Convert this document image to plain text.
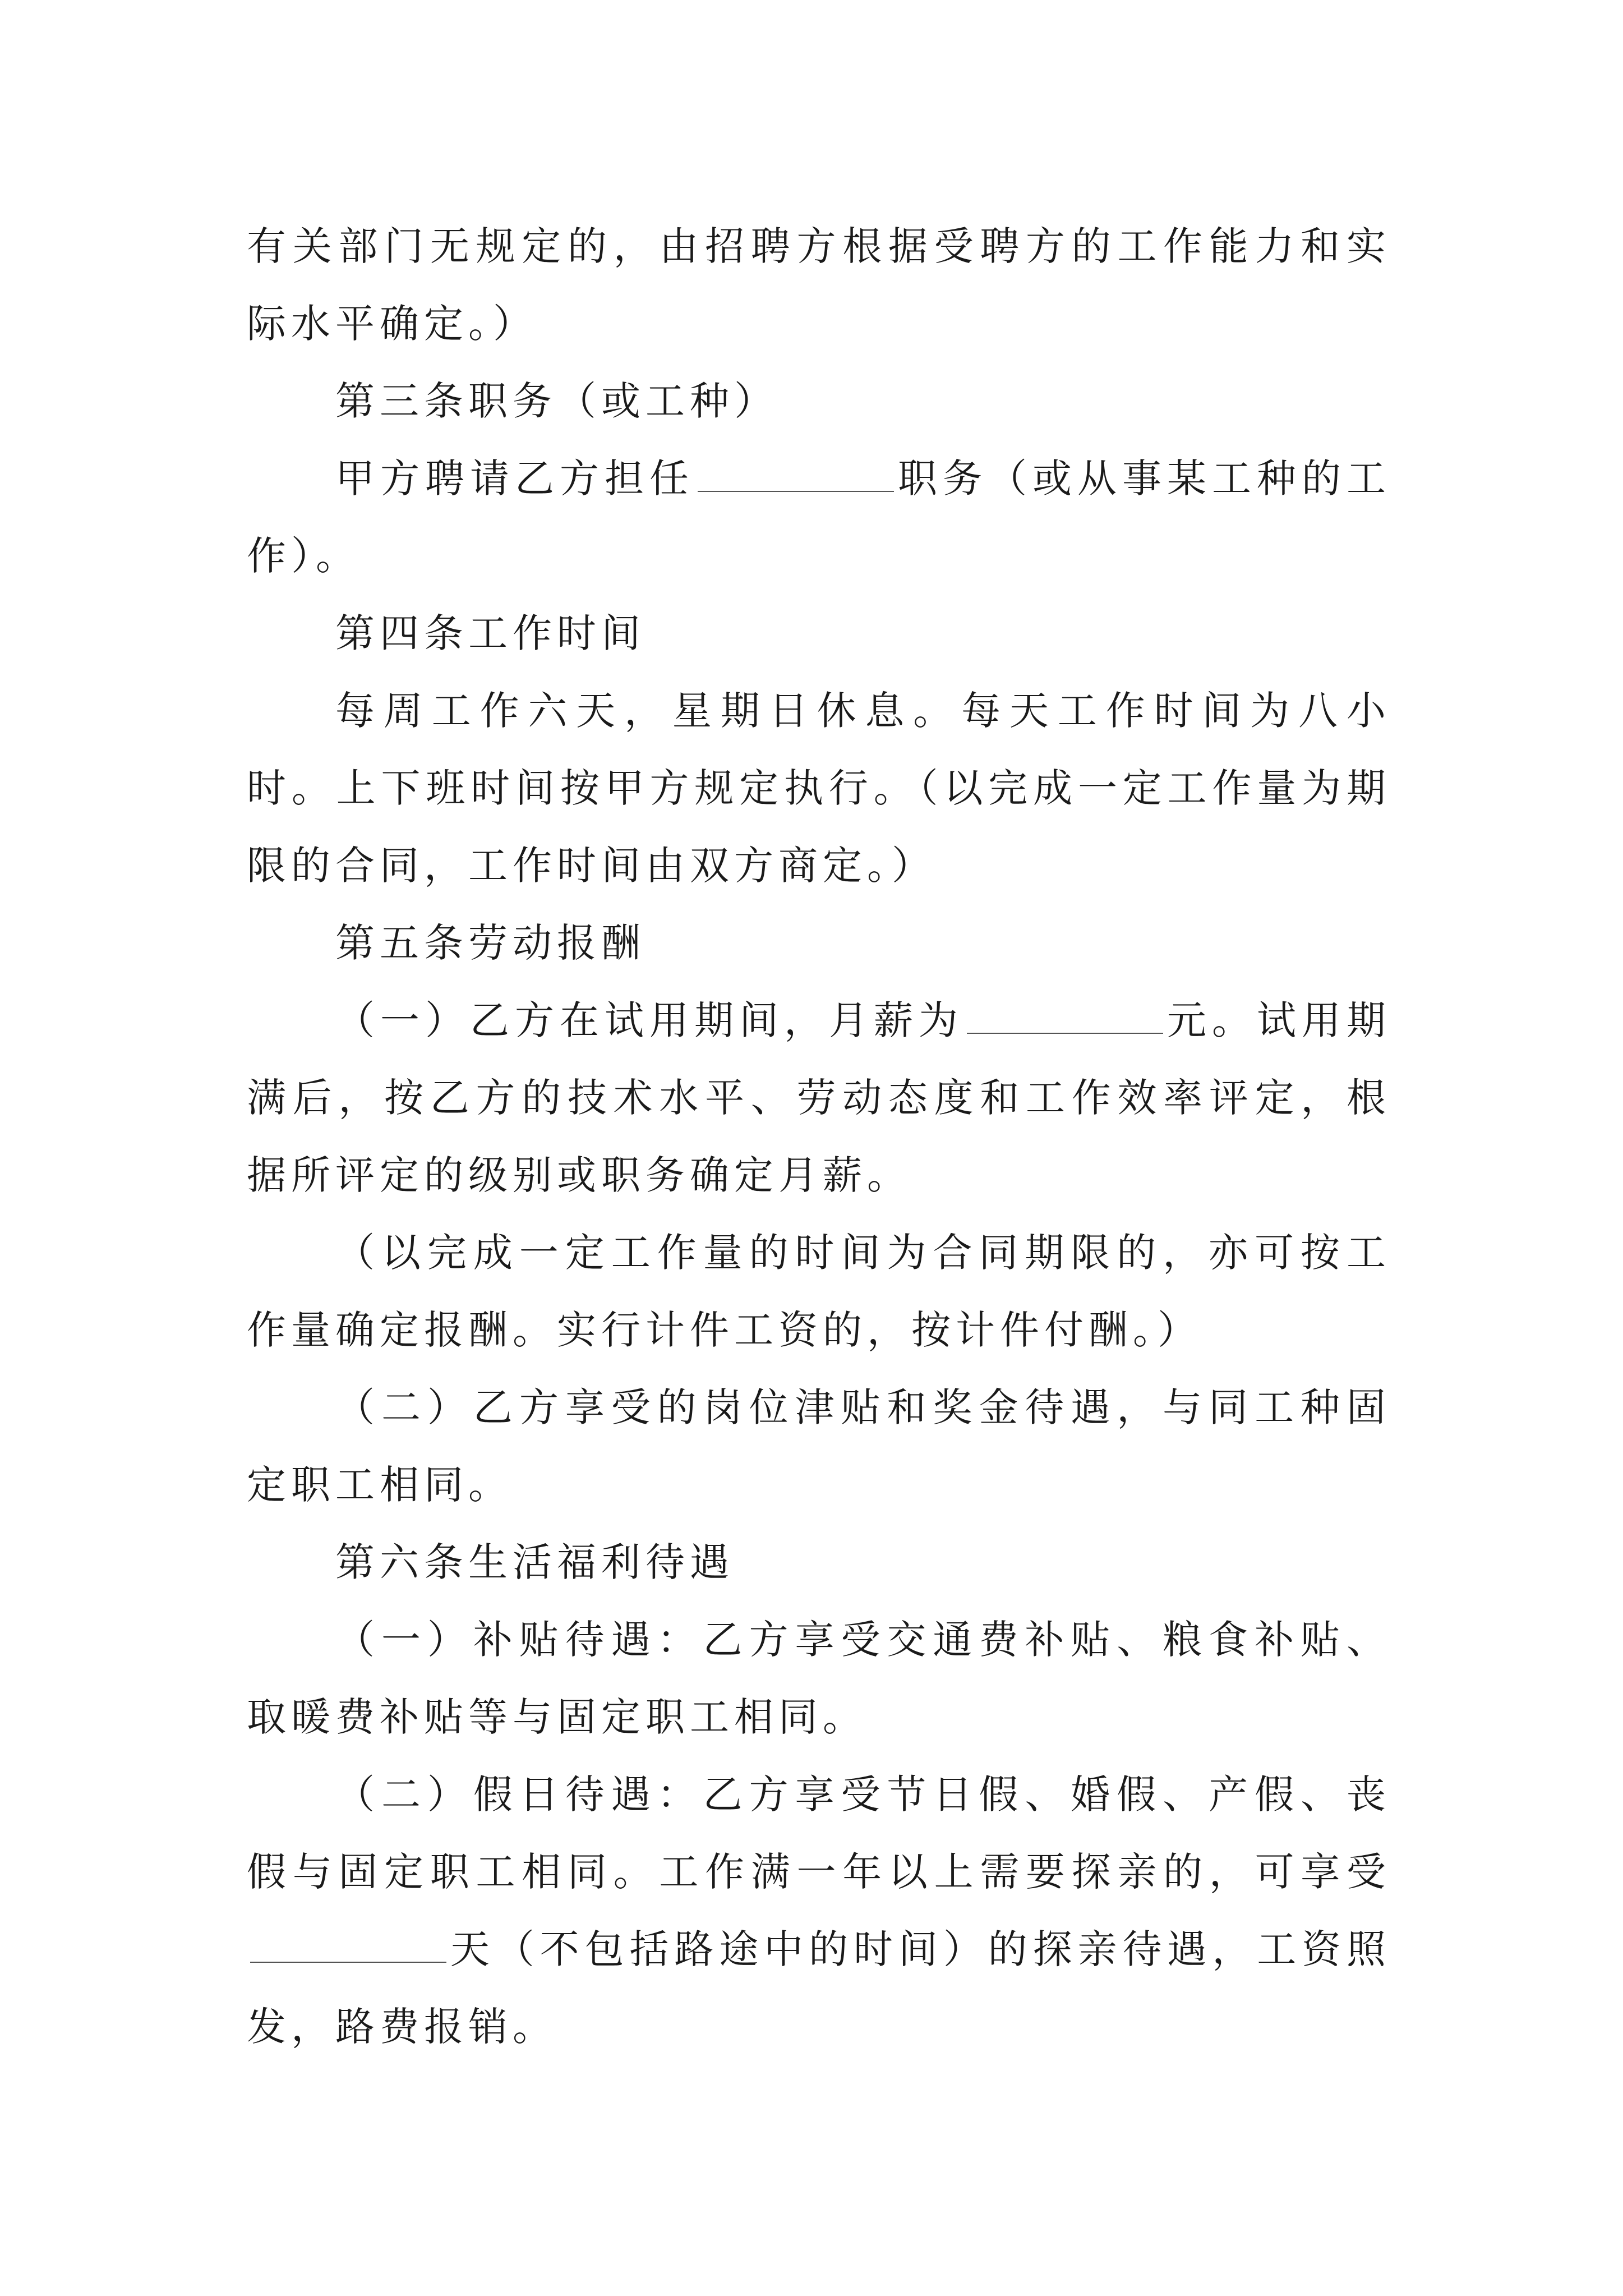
有关部门无规定的，由招聘方根据受聘方的工作能力和实际水平确定。）

第三条职务（或工种）

甲方聘请乙方担任	职务（或从事某工种的工作）。

第四条工作时间

每周工作六天，星期日休息。每天工作时间为八小时。上下班时间按甲方规定执行。（以完成一定工作量为期限的合同，工作时间由双方商定。）

第五条劳动报酬

（一）乙方在试用期间，月薪为	元。试用期满后，按乙方的技术水平、劳动态度和工作效率评定，根据所评定的级别或职务确定月薪。

（以完成一定工作量的时间为合同期限的，亦可按工作量确定报酬。实行计件工资的，按计件付酬。）

（二）乙方享受的岗位津贴和奖金待遇，与同工种固定职工相同。

第六条生活福利待遇

（一）补贴待遇：乙方享受交通费补贴、粮食补贴、取暖费补贴等与固定职工相同。

（二）假日待遇：乙方享受节日假、婚假、产假、丧假与固定职工相同。工作满一年以上需要探亲的，可享受天（不包括路途中的时间）的探亲待遇，工资照发，路费报销。
